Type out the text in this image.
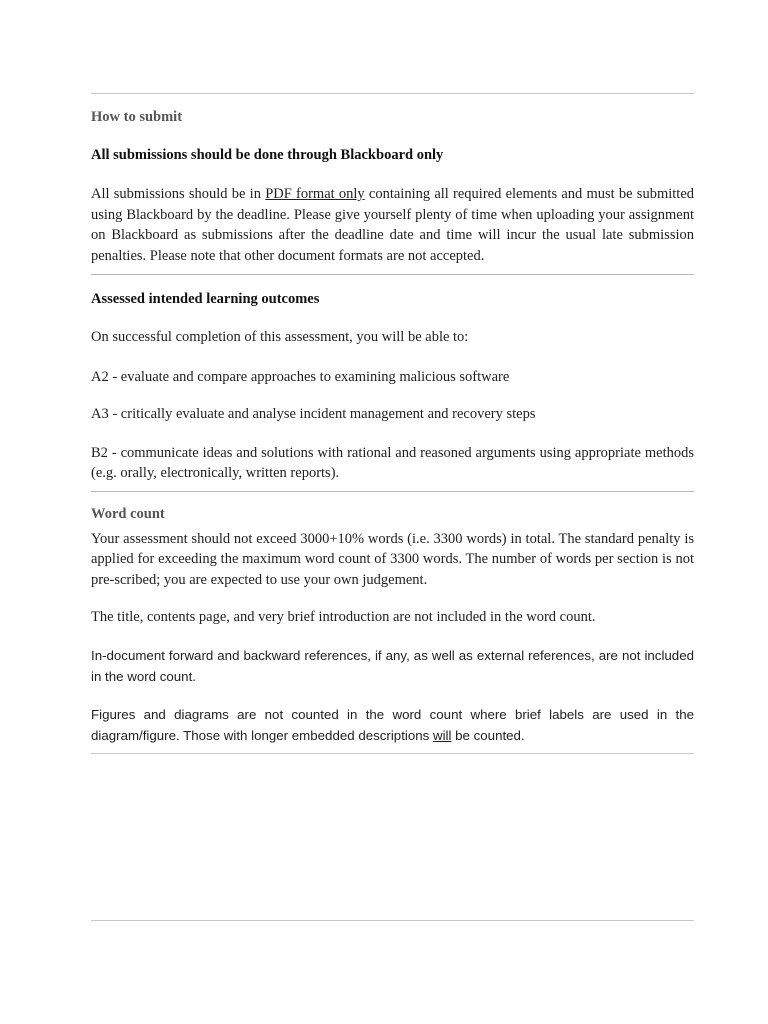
How to submit
All submissions should be done through Blackboard only

All submissions should be in PDF format only containing all required elements and must be submitted using Blackboard by the deadline. Please give yourself plenty of time when uploading your assignment on Blackboard as submissions after the deadline date and time will incur the usual late submission penalties. Please note that other document formats are not accepted.

Assessed intended learning outcomes

On successful completion of this assessment, you will be able to:

A2 - evaluate and compare approaches to examining malicious software

A3 - critically evaluate and analyse incident management and recovery steps

B2 - communicate ideas and solutions with rational and reasoned arguments using appropriate methods (e.g. orally, electronically, written reports).

Word count

Your assessment should not exceed 3000+10% words (i.e. 3300 words) in total. The standard penalty is applied for exceeding the maximum word count of 3300 words. The number of words per section is not pre-scribed; you are expected to use your own judgement.

The title, contents page, and very brief introduction are not included in the word count.

In-document forward and backward references, if any, as well as external references, are not included in the word count.

Figures and diagrams are not counted in the word count where brief labels are used in the diagram/figure. Those with longer embedded descriptions will be counted.
